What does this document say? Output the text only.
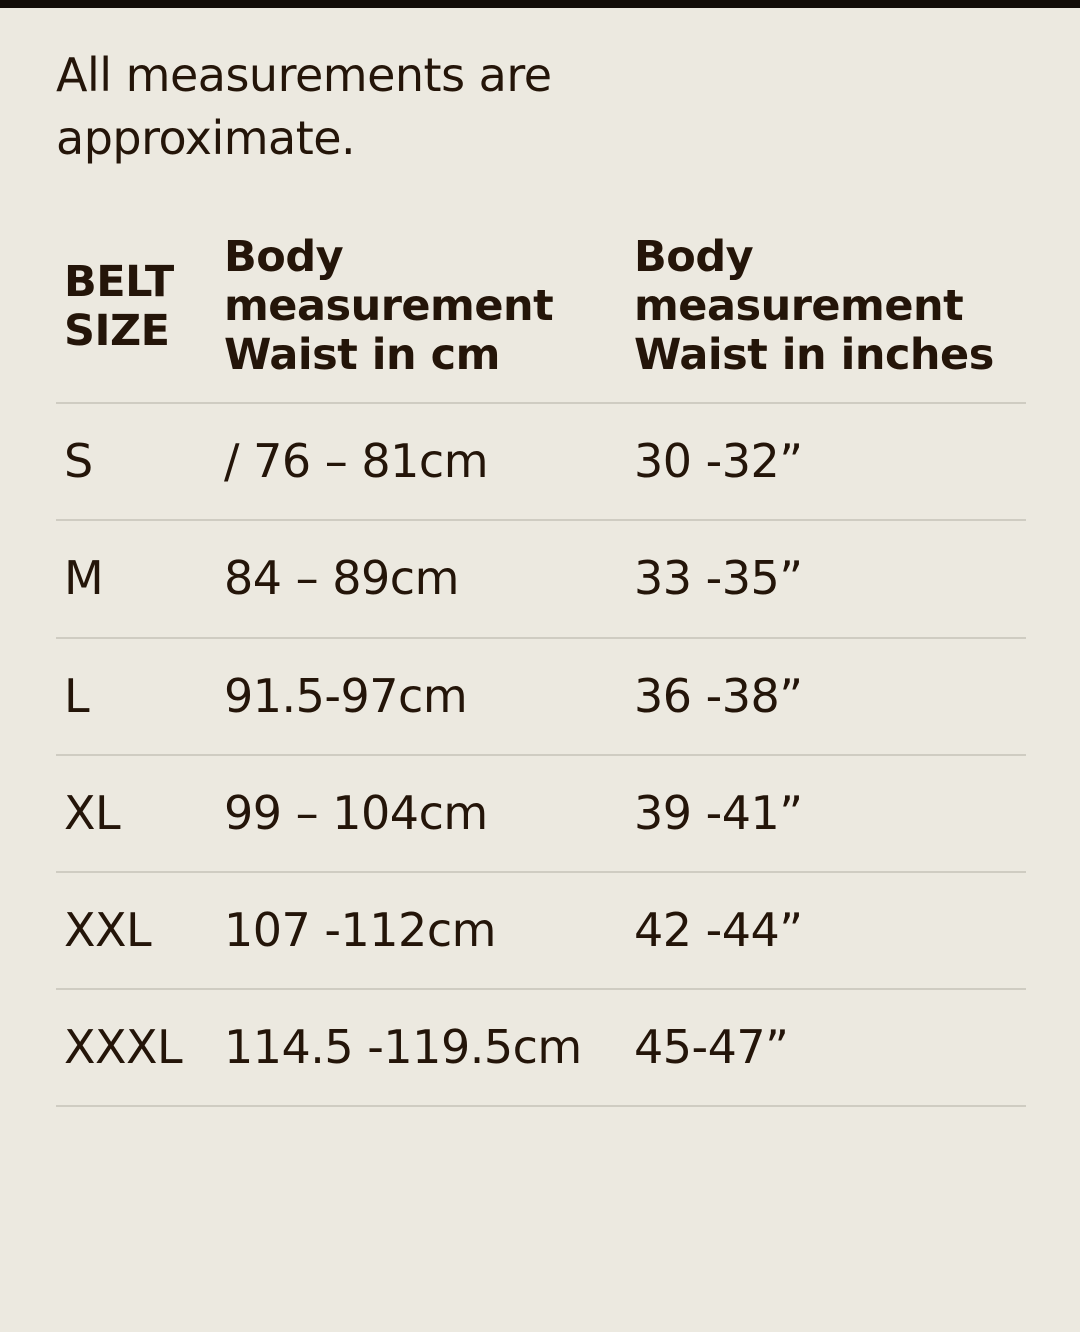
All measurements are approximate.

BELT SIZE	Body measurement Waist in cm	Body measurement Waist in inches
S	/ 76 – 81cm	30 -32”
M	84 – 89cm	33 -35”
L	91.5-97cm	36 -38”
XL	99 – 104cm	39 -41”
XXL	107 -112cm	42 -44”
XXXL	114.5 -119.5cm	45-47”
